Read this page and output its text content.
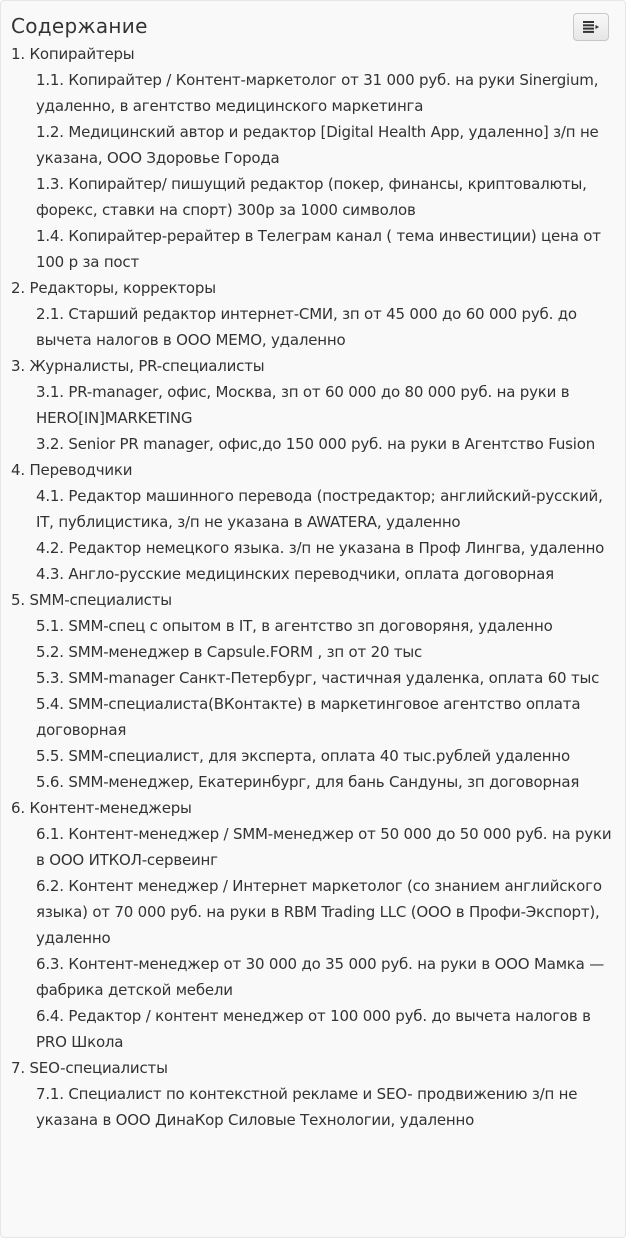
Содержание

1. Копирайтеры
1.1. Копирайтер / Контент-маркетолог от 31 000 руб. на руки Sinergium, удаленно, в агентство медицинского маркетинга
1.2. Медицинский автор и редактор [Digital Health App, удаленно] з/п не указана, ООО Здоровье Города
1.3. Копирайтер/ пишущий редактор (покер, финансы, криптовалюты, форекс, ставки на спорт) 300р за 1000 символов
1.4. Копирайтер-рерайтер в Телеграм канал ( тема инвестиции) цена от 100 р за пост
2. Редакторы, корректоры
2.1. Старший редактор интернет-СМИ, зп от 45 000 до 60 000 руб. до вычета налогов в ООО МЕМО, удаленно
3. Журналисты, PR-специалисты
3.1. PR-manager, офис, Москва, зп от 60 000 до 80 000 руб. на руки в HERO[IN]MARKETING
3.2. Senior PR manager, офис,до 150 000 руб. на руки в Агентство Fusion
4. Переводчики
4.1. Редактор машинного перевода (постредактор; английский-русский, IT, публицистика, з/п не указана в AWATERA, удаленно
4.2. Редактор немецкого языка. з/п не указана в Проф Лингва, удаленно
4.3. Англо-русские медицинских переводчики, оплата договорная
5. SMM-специалисты
5.1. SMM-спец с опытом в IT, в агентство зп договоряня, удаленно
5.2. SMM-менеджер в Capsule.FORM , зп от 20 тыс
5.3. SMM-manager Санкт-Петербург, частичная удаленка, оплата 60 тыс
5.4. SMM-специалиста(ВКонтакте) в маркетинговое агентство оплата договорная
5.5. SMM-специалист, для эксперта, оплата 40 тыс.рублей удаленно
5.6. SMM-менеджер, Екатеринбург, для бань Сандуны, зп договорная
6. Контент-менеджеры
6.1. Контент-менеджер / SMM-менеджер от 50 000 до 50 000 руб. на руки в ООО ИТКОЛ-сервеинг
6.2. Контент менеджер / Интернет маркетолог (со знанием английского языка) от 70 000 руб. на руки в RBM Trading LLC (ООО в Профи-Экспорт), удаленно
6.3. Контент-менеджер от 30 000 до 35 000 руб. на руки в ООО Мамка — фабрика детской мебели
6.4. Редактор / контент менеджер от 100 000 руб. до вычета налогов в PRO Школа
7. SEO-специалисты
7.1. Специалист по контекстной рекламе и SEO- продвижению з/п не указана в ООО ДинаКор Силовые Технологии, удаленно
